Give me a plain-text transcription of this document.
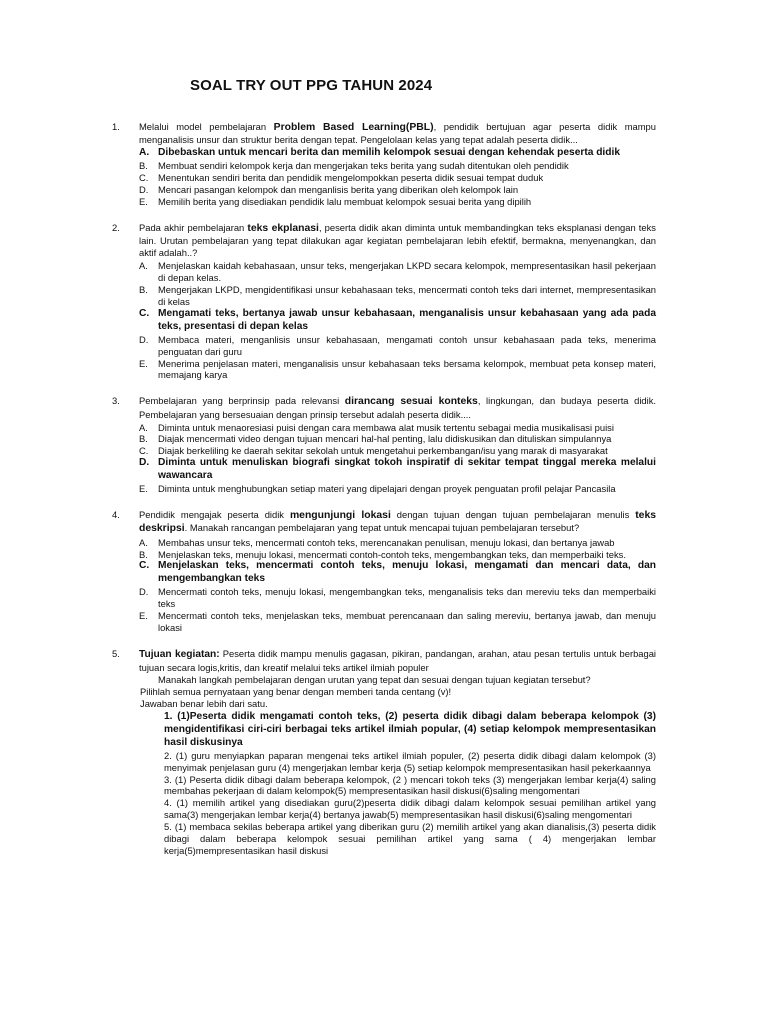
SOAL TRY OUT PPG TAHUN 2024
1. Melalui model pembelajaran Problem Based Learning(PBL), pendidik bertujuan agar peserta didik mampu menganalisis unsur dan struktur berita dengan tepat. Pengelolaan kelas yang tepat adalah peserta didik...
A. Dibebaskan untuk mencari berita dan memilih kelompok sesuai dengan kehendak peserta didik
B. Membuat sendiri kelompok kerja dan mengerjakan teks berita yang sudah ditentukan oleh pendidik
C. Menentukan sendiri berita dan pendidik mengelompokkan peserta didik sesuai tempat duduk
D. Mencari pasangan kelompok dan menganlisis berita yang diberikan oleh kelompok lain
E. Memilih berita yang disediakan pendidik lalu membuat kelompok sesuai berita yang dipilih
2. Pada akhir pembelajaran teks ekplanasi, peserta didik akan diminta untuk membandingkan teks eksplanasi dengan teks lain. Urutan pembelajaran yang tepat dilakukan agar kegiatan pembelajaran lebih efektif, bermakna, menyenangkan, dan aktif adalah..?
A. Menjelaskan kaidah kebahasaan, unsur teks, mengerjakan LKPD secara kelompok, mempresentasikan hasil pekerjaan di depan kelas.
B. Mengerjakan LKPD, mengidentifikasi unsur kebahasaan teks, mencermati contoh teks dari internet, mempresentasikan di kelas
C. Mengamati teks, bertanya jawab unsur kebahasaan, menganalisis unsur kebahasaan yang ada pada teks, presentasi di depan kelas
D. Membaca materi, menganlisis unsur kebahasaan, mengamati contoh unsur kebahasaan pada teks, menerima penguatan dari guru
E. Menerima penjelasan materi, menganalisis unsur kebahasaan teks bersama kelompok, membuat peta konsep materi, memajang karya
3. Pembelajaran yang berprinsip pada relevansi dirancang sesuai konteks, lingkungan, dan budaya peserta didik. Pembelajaran yang bersesuaian dengan prinsip tersebut adalah peserta didik....
A. Diminta untuk menaoresiasi puisi dengan cara membawa alat musik tertentu sebagai media musikalisasi puisi
B. Diajak mencermati video dengan tujuan mencari hal-hal penting, lalu didiskusikan dan dituliskan simpulannya
C. Diajak berkeliling ke daerah sekitar sekolah untuk mengetahui perkembangan/isu yang marak di masyarakat
D. Diminta untuk menuliskan biografi singkat tokoh inspiratif di sekitar tempat tinggal mereka melalui wawancara
E. Diminta untuk menghubungkan setiap materi yang dipelajari dengan proyek penguatan profil pelajar Pancasila
4. Pendidik mengajak peserta didik mengunjungi lokasi dengan tujuan dengan tujuan pembelajaran menulis teks deskripsi. Manakah rancangan pembelajaran yang tepat untuk mencapai tujuan pembelajaran tersebut?
A. Membahas unsur teks, mencermati contoh teks, merencanakan penulisan, menuju lokasi, dan bertanya jawab
B. Menjelaskan teks, menuju lokasi, mencermati contoh-contoh teks, mengembangkan teks, dan memperbaiki teks.
C. Menjelaskan teks, mencermati contoh teks, menuju lokasi, mengamati dan mencari data, dan mengembangkan teks
D. Mencermati contoh teks, menuju lokasi, mengembangkan teks, menganalisis teks dan mereviu teks dan memperbaiki teks
E. Mencermati contoh teks, menjelaskan teks, membuat perencanaan dan saling mereviu, bertanya jawab, dan menuju lokasi
5. Tujuan kegiatan: Peserta didik mampu menulis gagasan, pikiran, pandangan, arahan, atau pesan tertulis untuk berbagai tujuan secara logis,kritis, dan kreatif melalui teks artikel ilmiah populer
Manakah langkah pembelajaran dengan urutan yang tepat dan sesuai dengan tujuan kegiatan tersebut?
Pilihlah semua pernyataan yang benar dengan memberi tanda centang (v)!
Jawaban benar lebih dari satu.
1. (1)Peserta didik mengamati contoh teks, (2) peserta didik dibagi dalam beberapa kelompok (3) mengidentifikasi ciri-ciri berbagai teks artikel ilmiah popular, (4) setiap kelompok mempresentasikan hasil diskusinya
2. (1) guru menyiapkan paparan mengenai teks artikel ilmiah populer, (2) peserta didik dibagi dalam kelompok (3) menyimak penjelasan guru (4) mengerjakan lembar kerja (5) setiap kelompok mempresentasikan hasil pekerkaannya
3. (1) Peserta didik dibagi dalam beberapa kelompok, (2 ) mencari tokoh teks (3) mengerjakan lembar kerja(4) saling membahas pekerjaan di dalam kelompok(5) mempresentasikan hasil diskusi(6)saling mengomentari
4. (1) memilih artikel yang disediakan guru(2)peserta didik dibagi dalam kelompok sesuai pemilihan artikel yang sama(3) mengerjakan lembar kerja(4) bertanya jawab(5) mempresentasikan hasil diskusi(6)saling mengomentari
5. (1) membaca sekilas beberapa artikel yang diberikan guru (2) memilih artikel yang akan dianalisis,(3) peserta didik dibagi dalam beberapa kelompok sesuai pemilihan artikel yang sama ( 4) mengerjakan lembar kerja(5)mempresentasikan hasil diskusi
